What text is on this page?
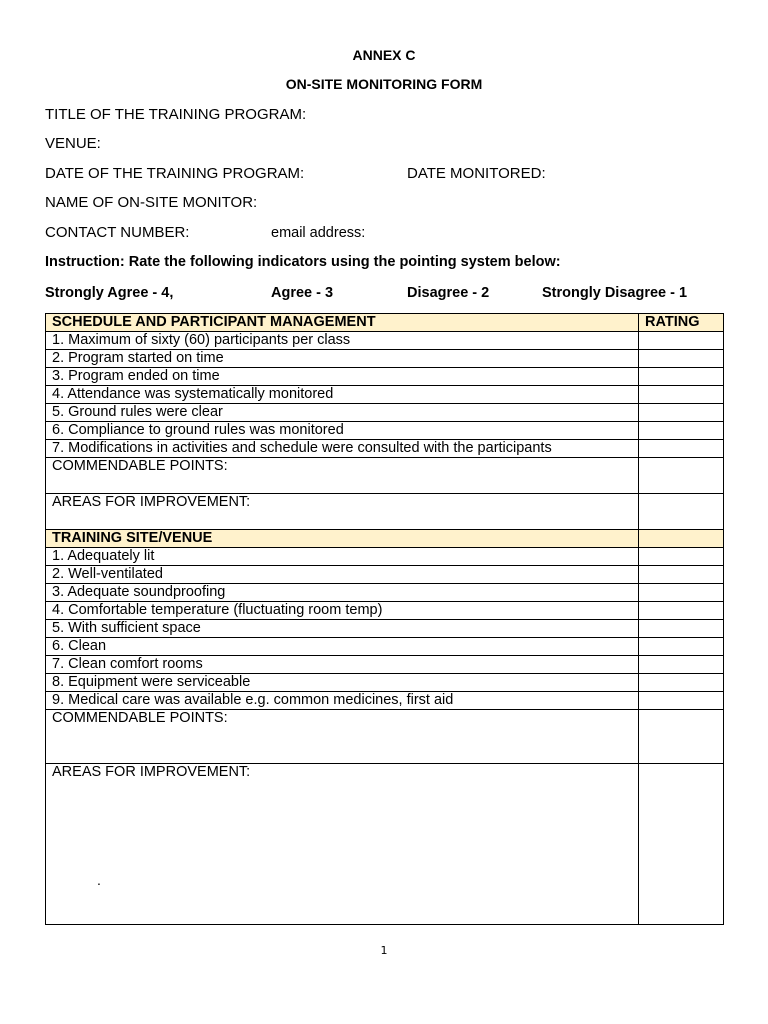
ANNEX C
ON-SITE MONITORING FORM
TITLE OF THE TRAINING PROGRAM:
VENUE:
DATE OF THE TRAINING PROGRAM:	DATE MONITORED:
NAME OF ON-SITE MONITOR:
CONTACT NUMBER:	email address:
Instruction: Rate the following indicators using the pointing system below:
Strongly Agree - 4,	Agree - 3	Disagree - 2	Strongly Disagree - 1
SCHEDULE AND PARTICIPANT MANAGEMENT	RATING
1. Maximum of sixty (60) participants per class	
2. Program started on time	
3. Program ended on time	
4. Attendance was systematically monitored	
5. Ground rules were clear	
6. Compliance to ground rules was monitored	
7. Modifications in activities and schedule were consulted with the participants	
COMMENDABLE POINTS:	
AREAS FOR IMPROVEMENT:	
TRAINING SITE/VENUE	
1. Adequately lit	
2. Well-ventilated	
3. Adequate soundproofing	
4. Comfortable temperature (fluctuating room temp)	
5. With sufficient space	
6. Clean	
7. Clean comfort rooms	
8. Equipment were serviceable	
9. Medical care was available e.g. common medicines, first aid	
COMMENDABLE POINTS:	
AREAS FOR IMPROVEMENT:
.	

1
